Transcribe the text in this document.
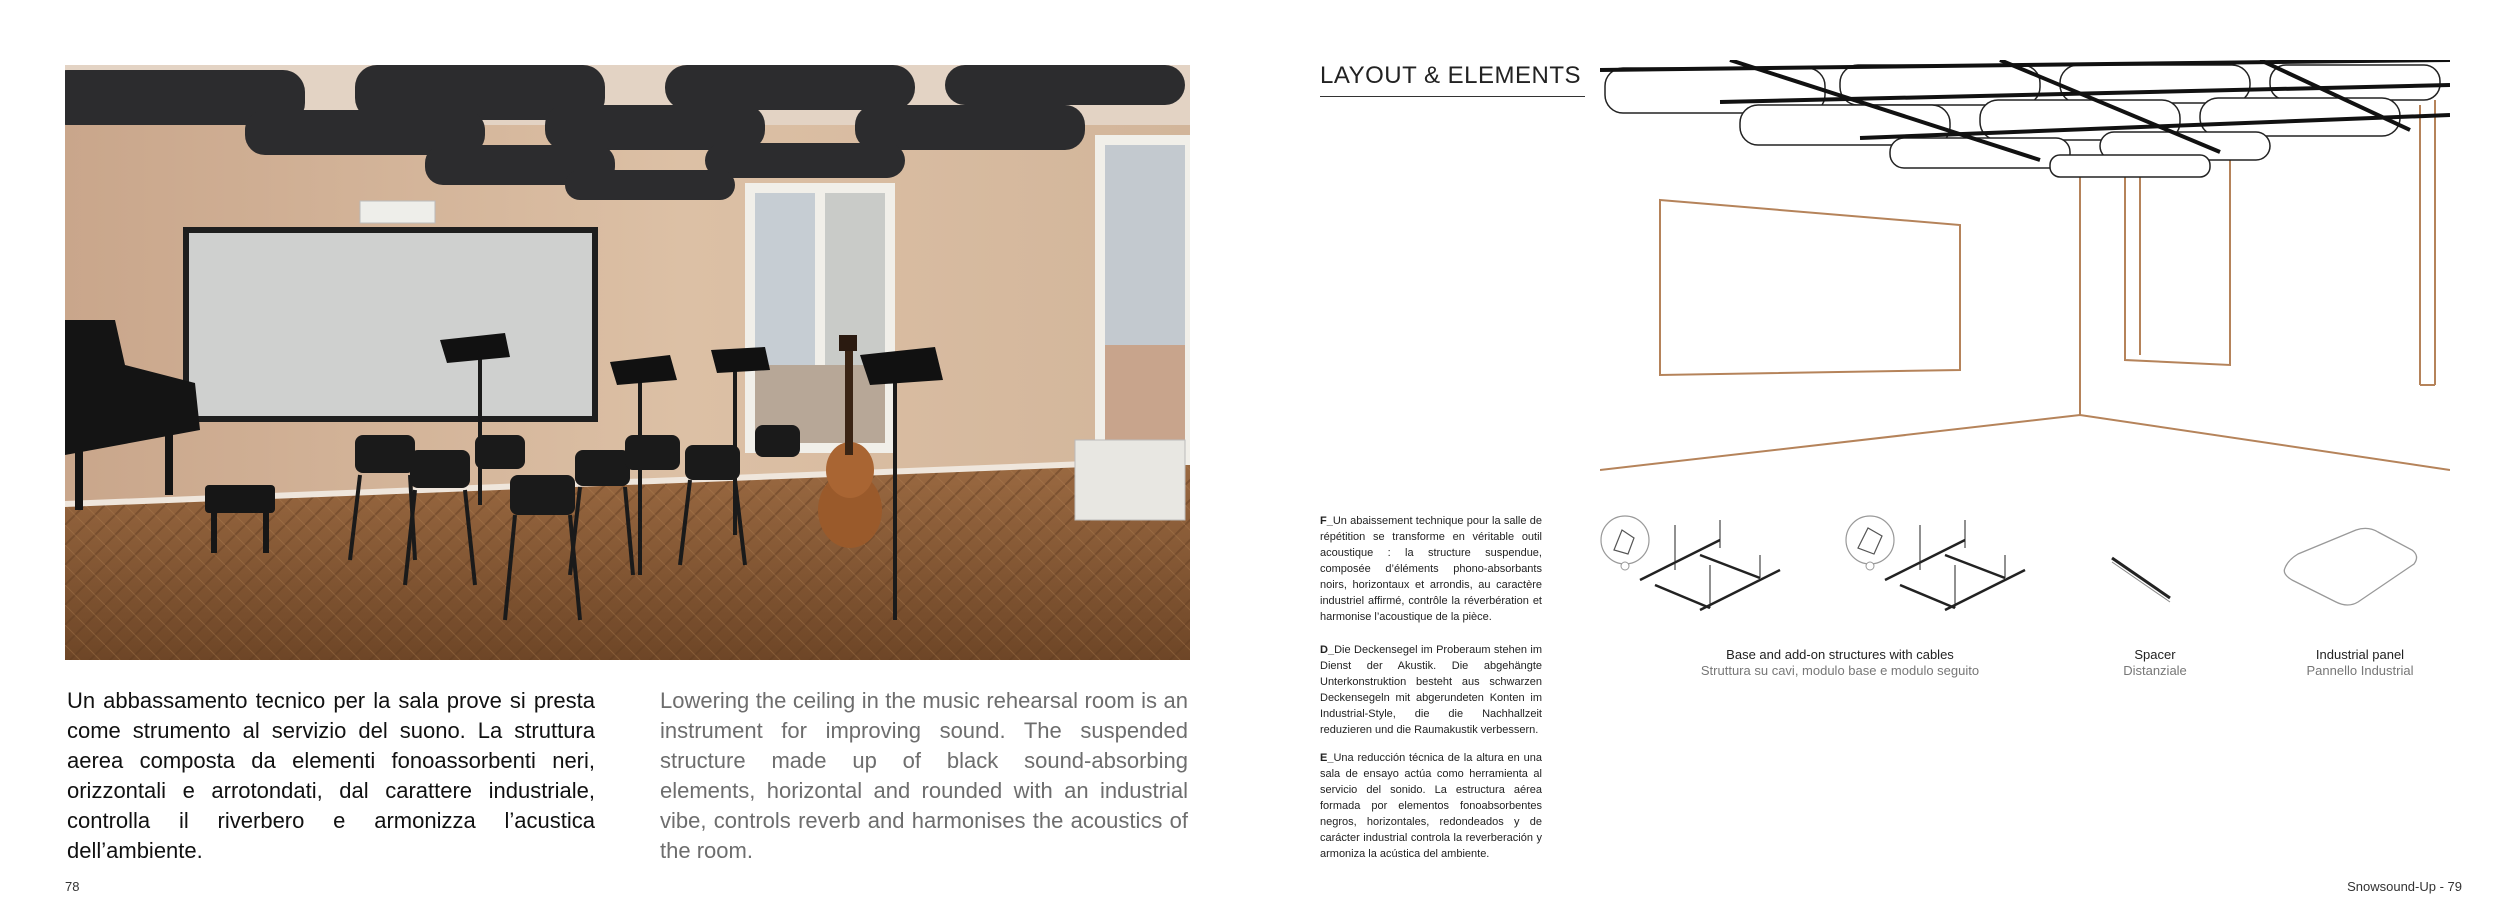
Un abbassamento tecnico per la sala prove si presta come strumento al servizio del suono. La struttura aerea composta da elementi fonoassorbenti neri, orizzontali e arrotondati, dal carattere industriale, controlla il riverbero e armonizza l’acustica dell’ambiente.
Lowering the ceiling in the music rehearsal room is an instrument for improving sound. The suspended structure made up of black sound-absorbing elements, horizontal and rounded with an industrial vibe, controls reverb and harmonises the acoustics of the room.
78
LAYOUT & ELEMENTS
F_Un abaissement technique pour la salle de répétition se transforme en véritable outil acoustique : la structure suspendue, composée d’éléments phono-absorbants noirs, horizontaux et arrondis, au caractère industriel affirmé, contrôle la réverbération et harmonise l’acoustique de la pièce.
D_Die Deckensegel im Proberaum stehen im Dienst der Akustik. Die abgehängte Unterkonstruktion besteht aus schwarzen Deckensegeln mit abgerundeten Konten im Industrial-Style, die die Nachhallzeit reduzieren und die Raumakustik verbessern.
E_Una reducción técnica de la altura en una sala de ensayo actúa como herramienta al servicio del sonido. La estructura aérea formada por elementos fonoabsorbentes negros, horizontales, redondeados y de carácter industrial controla la reverberación y armoniza la acústica del ambiente.
Base and add-on structures with cables
Struttura su cavi, modulo base e modulo seguito
Spacer
Distanziale
Industrial panel
Pannello Industrial
Snowsound-Up - 79
